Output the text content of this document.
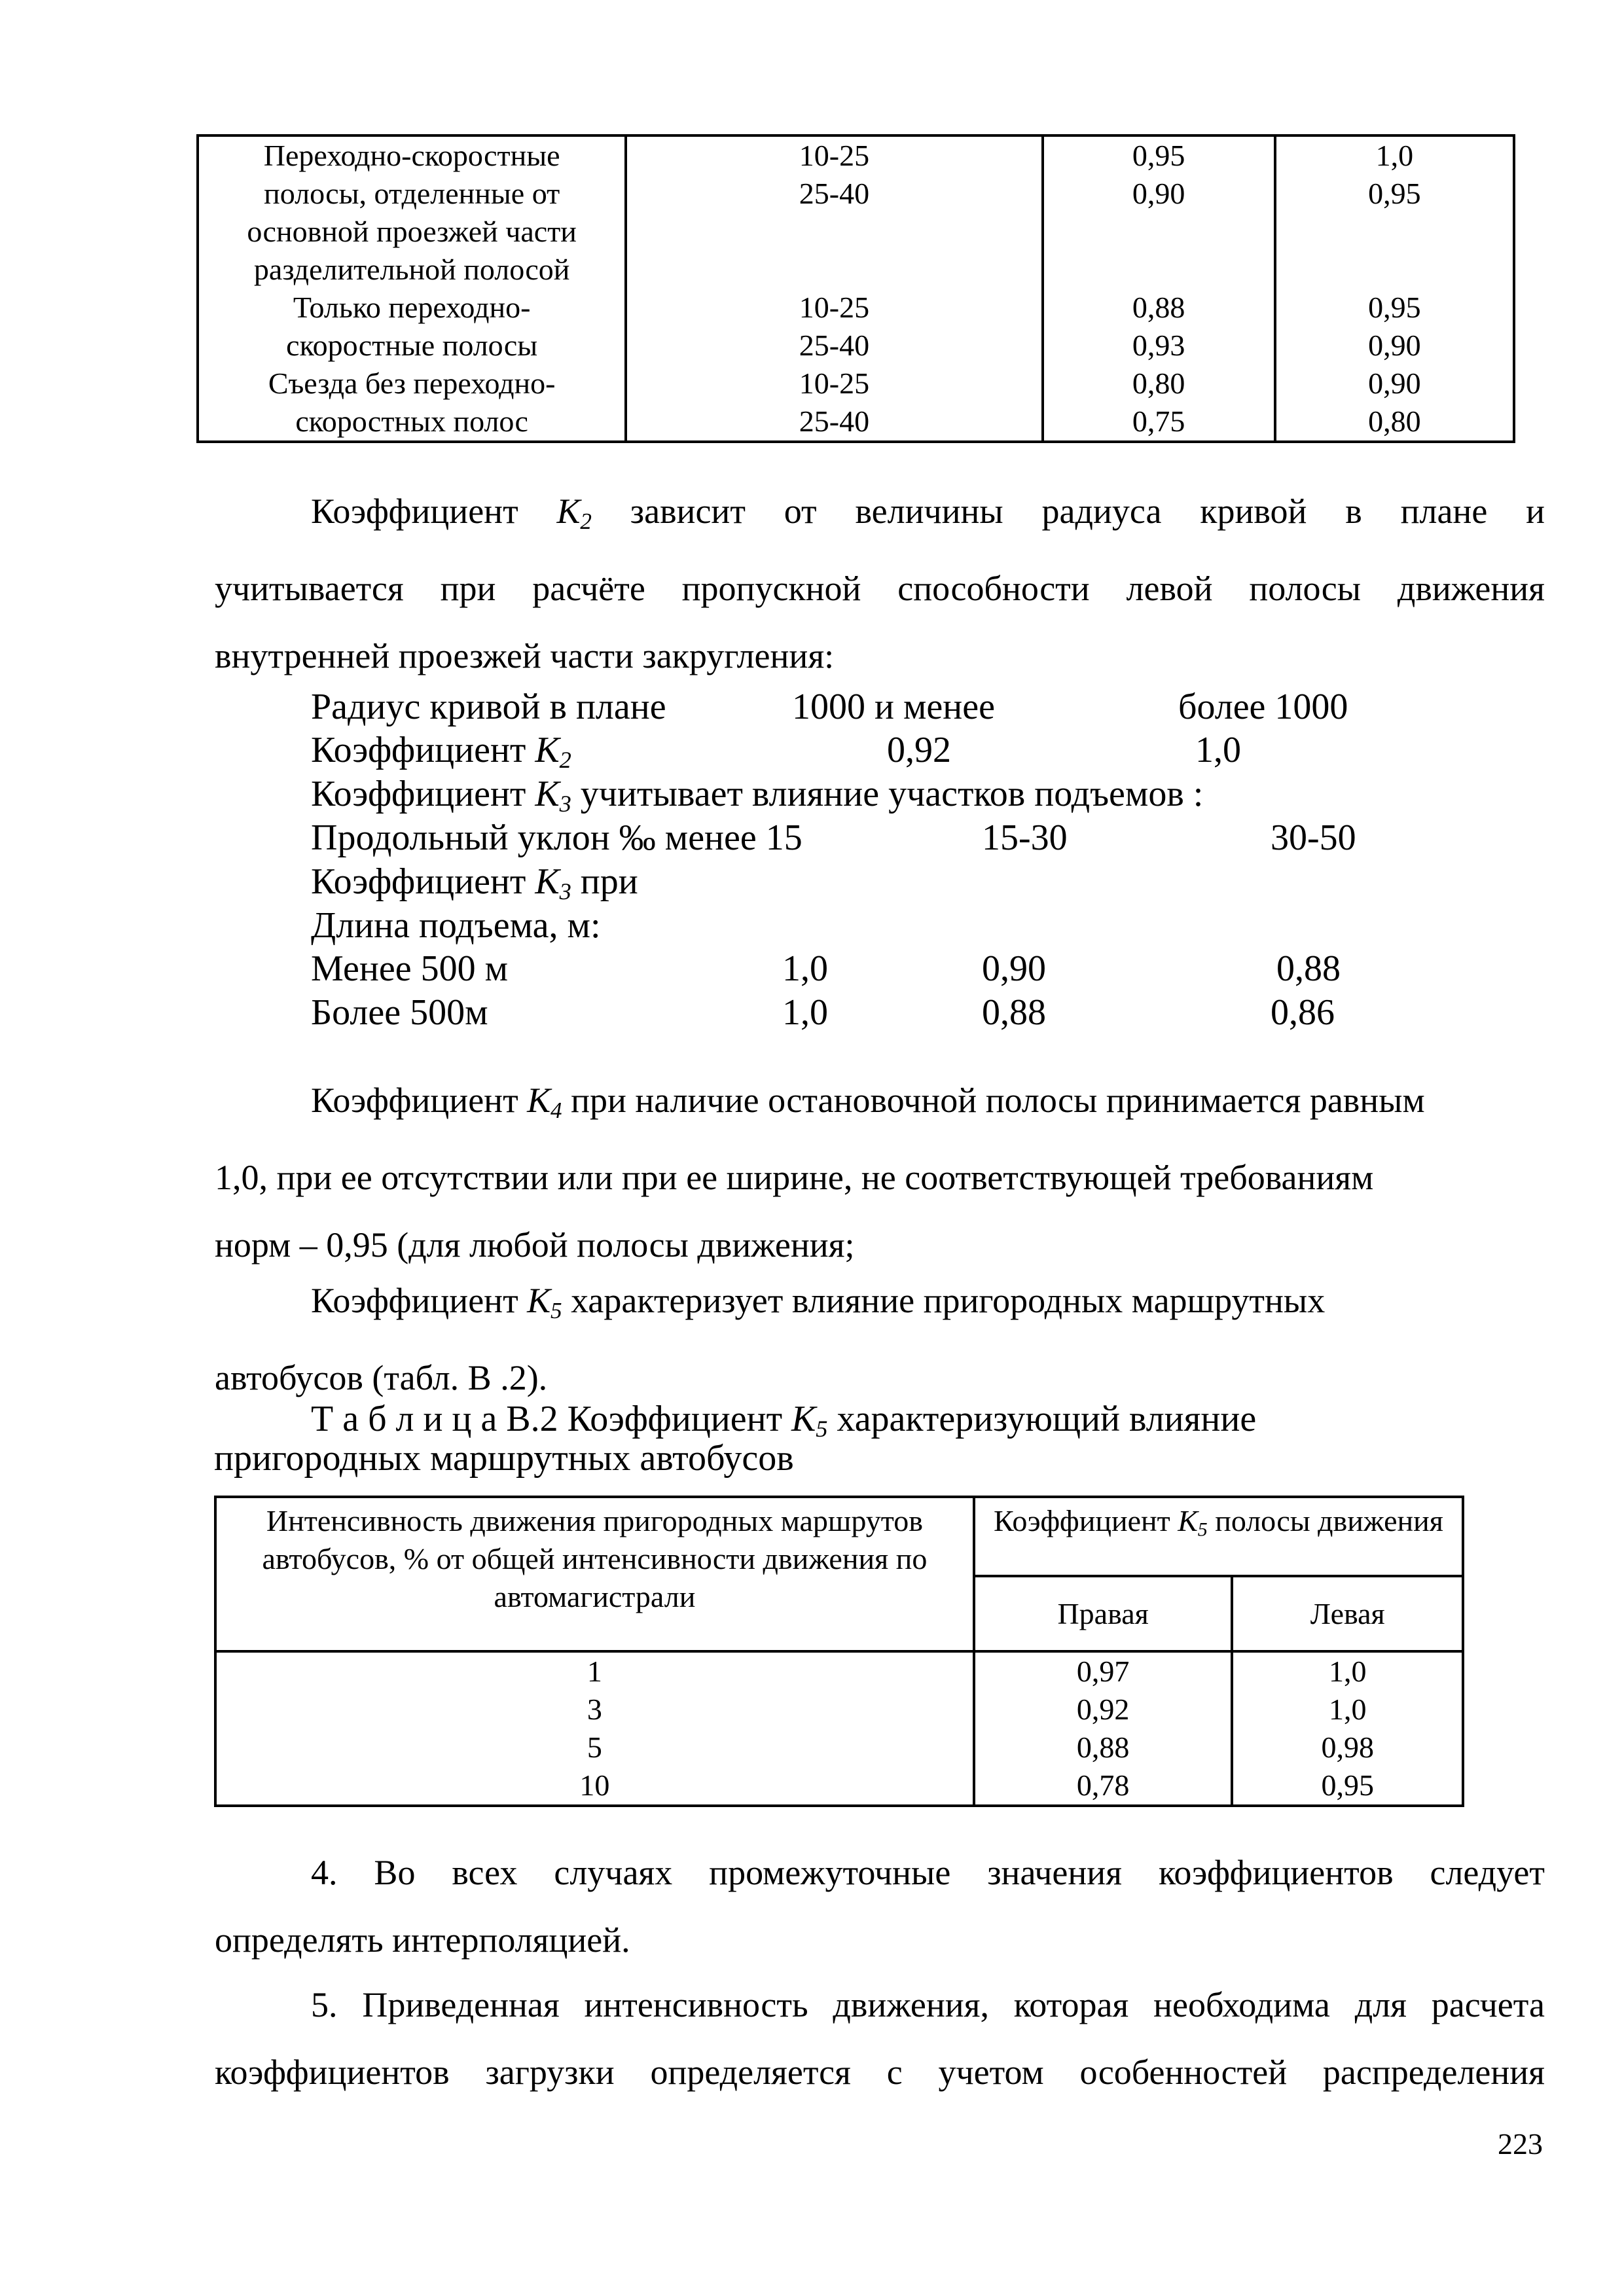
Переходно-скоростные	10-25	0,95	1,0
полосы, отделенные от	25-40	0,90	0,95
основной проезжей части			
разделительной полосой			
Только переходно-	10-25	0,88	0,95
скоростные полосы	25-40	0,93	0,90
Съезда без переходно-	10-25	0,80	0,90
скоростных полос	25-40	0,75	0,80
Коэффициент $К_2$ зависит от величины радиуса кривой в плане и
учитывается при расчёте пропускной способности левой полосы движения
внутренней проезжей части закругления:
Радиус кривой в плане	1000 и менее	более 1000
Коэффициент $К_2$	0,92	1,0
Коэффициент $К_3$ учитывает влияние участков подъемов :
Продольный уклон ‰ менее 15	15-30	30-50
Коэффициент $К_3$ при
Длина подъема, м:
Менее 500 м	1,0	0,90	0,88
Более 500м	1,0	0,88	0,86
Коэффициент $К_4$ при наличие остановочной полосы принимается равным
1,0, при ее отсутствии или при ее ширине, не соответствующей требованиям
норм – 0,95 (для любой полосы движения;
Коэффициент $К_5$ характеризует влияние пригородных маршрутных
автобусов (табл. В .2).
Т а б л и ц а В.2 Коэффициент $К_5$ характеризующий влияние
пригородных маршрутных автобусов
Интенсивность движения пригородных маршрутов автобусов, % от общей интенсивности движения по автомагистрали	Коэффициент $К_5$ полосы движения	
	Правая	Левая
1	0,97	1,0
3	0,92	1,0
5	0,88	0,98
10	0,78	0,95
4. Во всех случаях промежуточные значения коэффициентов следует
определять интерполяцией.
5. Приведенная интенсивность движения, которая необходима для расчета
коэффициентов загрузки определяется с учетом особенностей распределения
223
